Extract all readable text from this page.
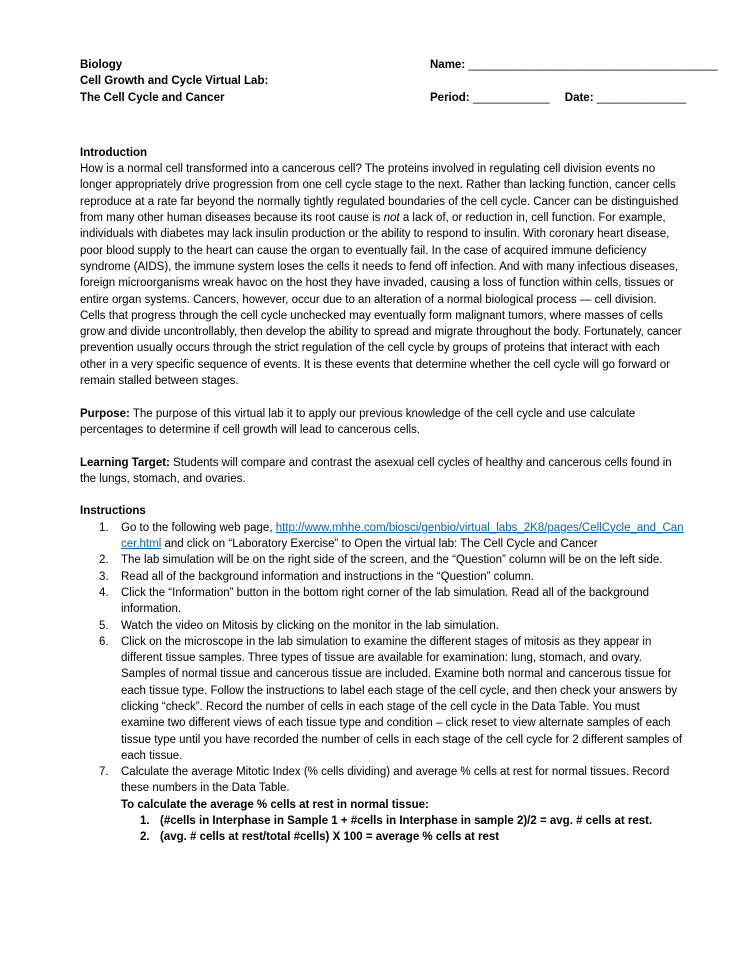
Biology	Name: _______________________________________
Cell Growth and Cycle Virtual Lab:
The Cell Cycle and Cancer	Period: ____________ Date: ______________
Introduction
How is a normal cell transformed into a cancerous cell? The proteins involved in regulating cell division events no longer appropriately drive progression from one cell cycle stage to the next. Rather than lacking function, cancer cells reproduce at a rate far beyond the normally tightly regulated boundaries of the cell cycle. Cancer can be distinguished from many other human diseases because its root cause is not a lack of, or reduction in, cell function. For example, individuals with diabetes may lack insulin production or the ability to respond to insulin. With coronary heart disease, poor blood supply to the heart can cause the organ to eventually fail. In the case of acquired immune deficiency syndrome (AIDS), the immune system loses the cells it needs to fend off infection. And with many infectious diseases, foreign microorganisms wreak havoc on the host they have invaded, causing a loss of function within cells, tissues or entire organ systems. Cancers, however, occur due to an alteration of a normal biological process — cell division.
Cells that progress through the cell cycle unchecked may eventually form malignant tumors, where masses of cells grow and divide uncontrollably, then develop the ability to spread and migrate throughout the body. Fortunately, cancer prevention usually occurs through the strict regulation of the cell cycle by groups of proteins that interact with each other in a very specific sequence of events. It is these events that determine whether the cell cycle will go forward or remain stalled between stages.
Purpose: The purpose of this virtual lab it to apply our previous knowledge of the cell cycle and use calculate percentages to determine if cell growth will lead to cancerous cells.
Learning Target: Students will compare and contrast the asexual cell cycles of healthy and cancerous cells found in the lungs, stomach, and ovaries.
Instructions
1.	Go to the following web page, http://www.mhhe.com/biosci/genbio/virtual_labs_2K8/pages/CellCycle_and_Cancer.html and click on “Laboratory Exercise” to Open the virtual lab: The Cell Cycle and Cancer
2.	The lab simulation will be on the right side of the screen, and the “Question” column will be on the left side.
3.	Read all of the background information and instructions in the “Question” column.
4.	Click the “Information” button in the bottom right corner of the lab simulation. Read all of the background information.
5.	Watch the video on Mitosis by clicking on the monitor in the lab simulation.
6.	Click on the microscope in the lab simulation to examine the different stages of mitosis as they appear in different tissue samples. Three types of tissue are available for examination: lung, stomach, and ovary. Samples of normal tissue and cancerous tissue are included. Examine both normal and cancerous tissue for each tissue type. Follow the instructions to label each stage of the cell cycle, and then check your answers by clicking “check”. Record the number of cells in each stage of the cell cycle in the Data Table. You must examine two different views of each tissue type and condition – click reset to view alternate samples of each tissue type until you have recorded the number of cells in each stage of the cell cycle for 2 different samples of each tissue.
7.	Calculate the average Mitotic Index (% cells dividing) and average % cells at rest for normal tissues. Record these numbers in the Data Table.
To calculate the average % cells at rest in normal tissue:
1. (#cells in Interphase in Sample 1 + #cells in Interphase in sample 2)/2 = avg. # cells at rest.
2. (avg. # cells at rest/total #cells) X 100 = average % cells at rest
